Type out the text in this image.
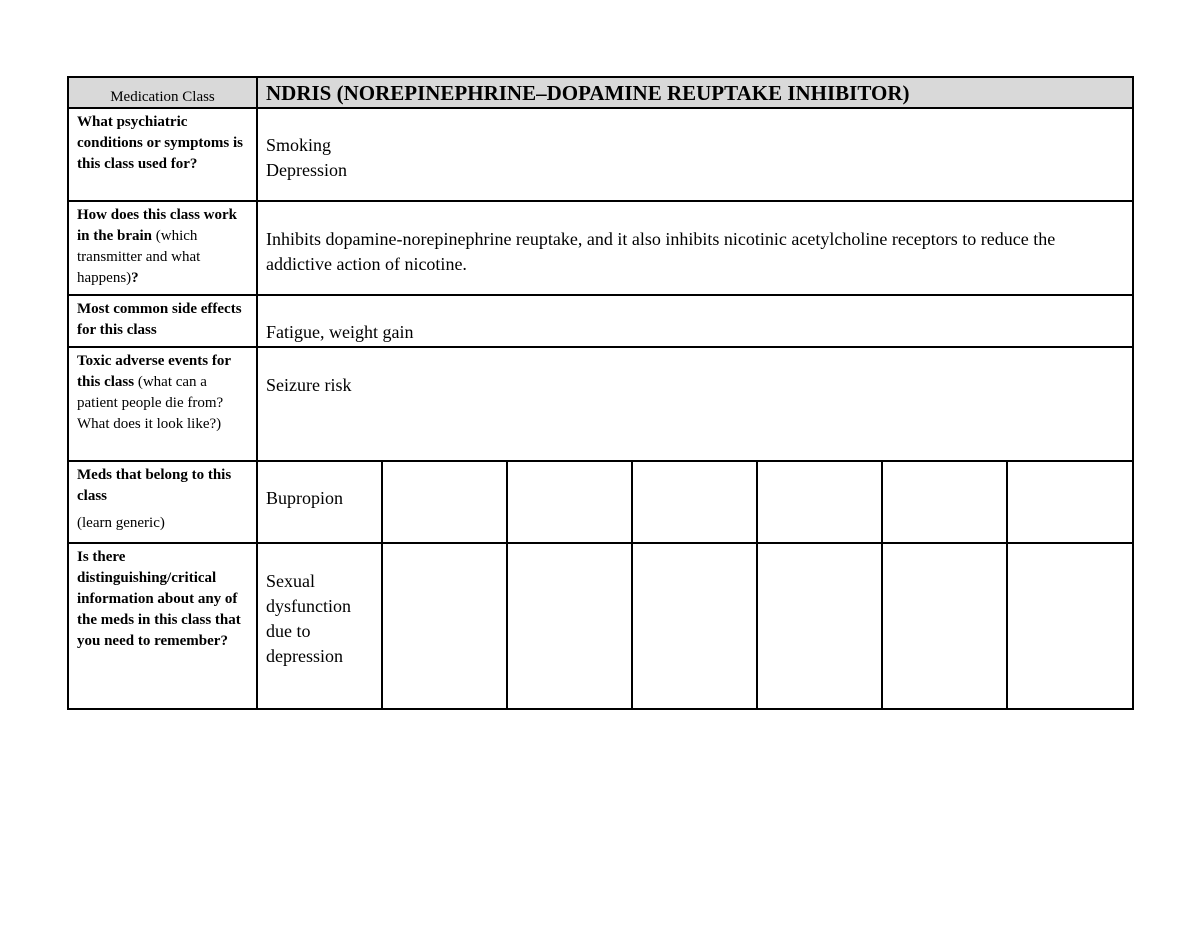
Medication Class	NDRIS (NOREPINEPHRINE–DOPAMINE REUPTAKE INHIBITOR)						

What psychiatric conditions or symptoms is this class used for?	Smoking
Depression						

How does this class work in the brain (which transmitter and what happens)?	Inhibits dopamine-norepinephrine reuptake, and it also inhibits nicotinic acetylcholine receptors to reduce the addictive action of nicotine.						

Most common side effects for this class	Fatigue, weight gain						

Toxic adverse events for this class (what can a patient people die from? What does it look like?)	Seizure risk						

Meds that belong to this class
(learn generic)	Bupropion						

Is there distinguishing/critical information about any of the meds in this class that you need to remember?	Sexual dysfunction due to depression						
